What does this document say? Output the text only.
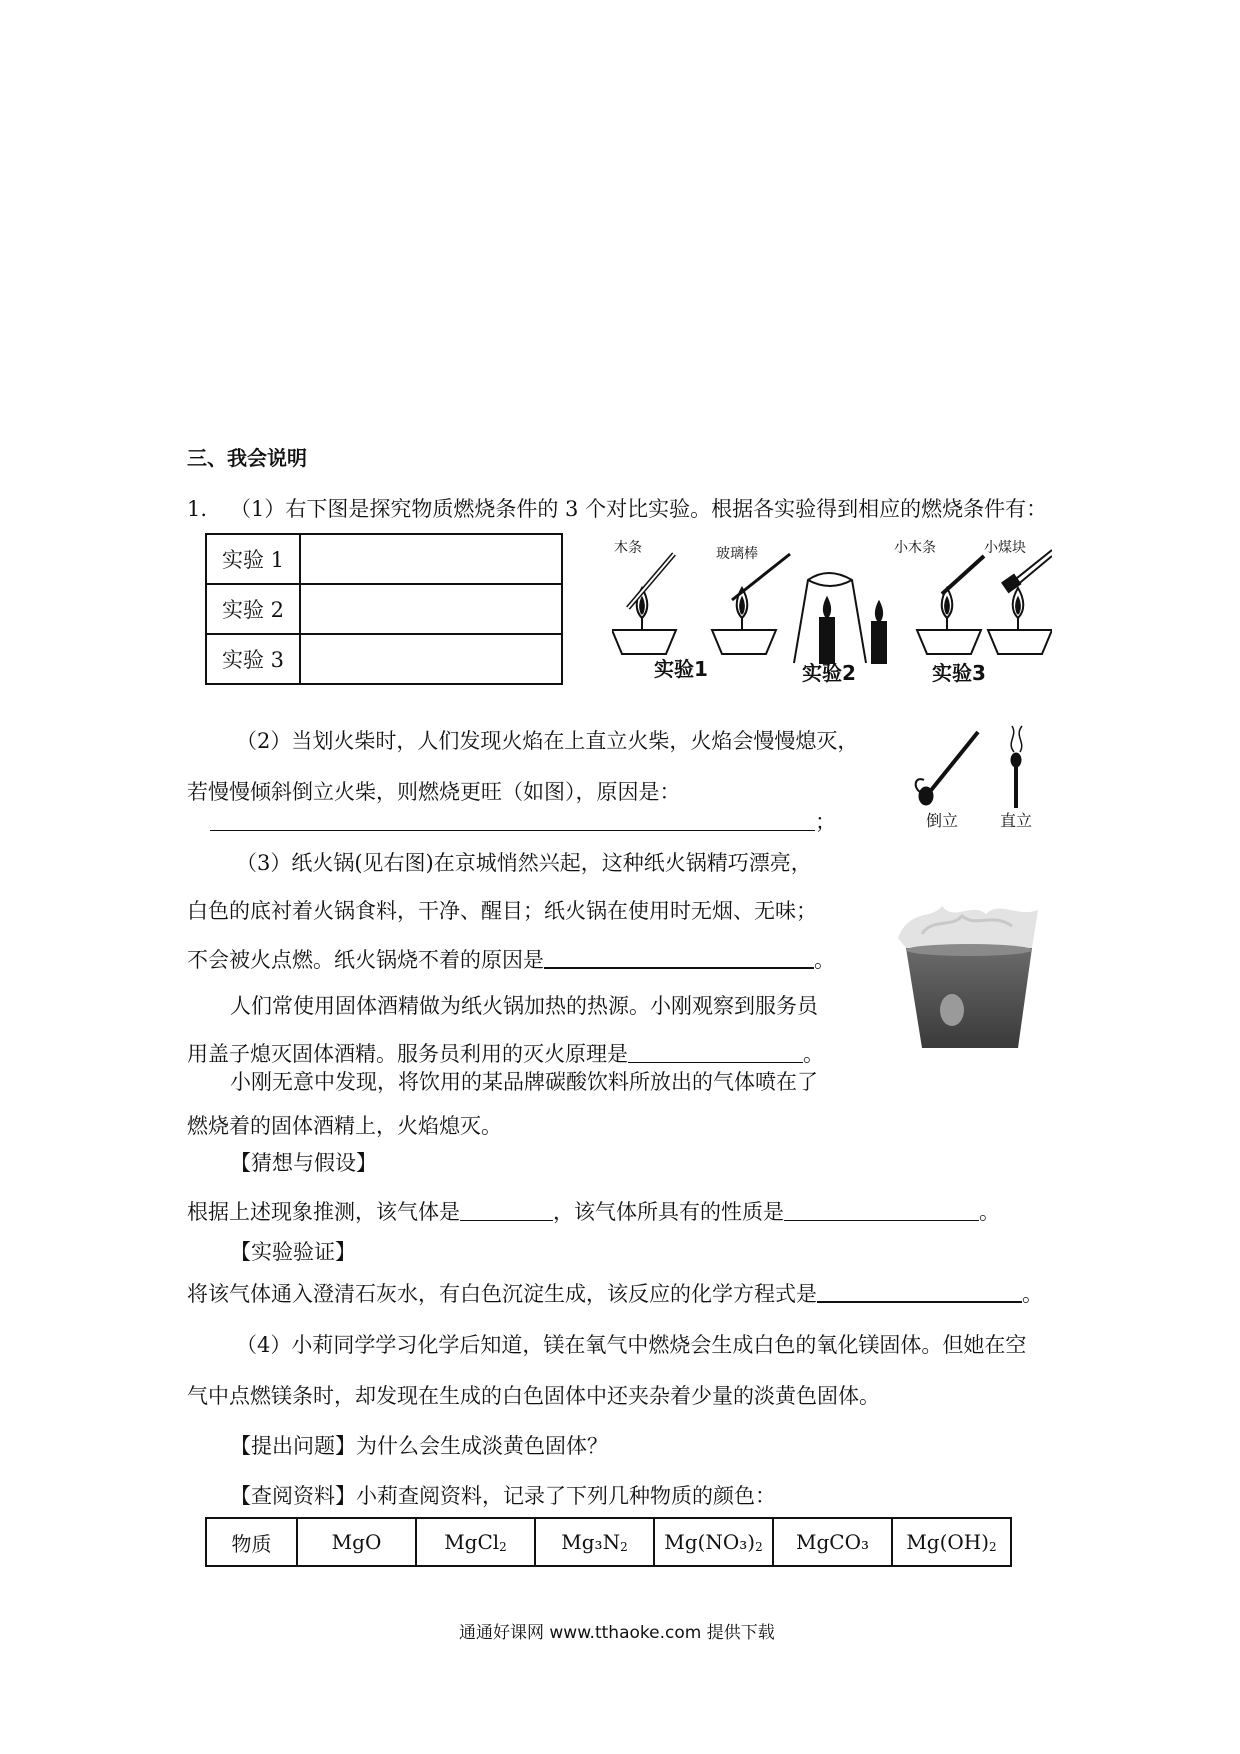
三、我会说明
1. （1）右下图是探究物质燃烧条件的 3 个对比实验。根据各实验得到相应的燃烧条件有：
实验 1	
实验 2	
实验 3	
木条	玻璃棒	小木条	小煤块
实验1	实验2	实验3
（2）当划火柴时，人们发现火焰在上直立火柴，火焰会慢慢熄灭，
若慢慢倾斜倒立火柴，则燃烧更旺（如图），原因是：
；	倒立	直立
（3）纸火锅(见右图)在京城悄然兴起，这种纸火锅精巧漂亮，
白色的底衬着火锅食料，干净、醒目；纸火锅在使用时无烟、无味；
不会被火点燃。纸火锅烧不着的原因是	。
人们常使用固体酒精做为纸火锅加热的热源。小刚观察到服务员
用盖子熄灭固体酒精。服务员利用的灭火原理是	。
小刚无意中发现，将饮用的某品牌碳酸饮料所放出的气体喷在了
燃烧着的固体酒精上，火焰熄灭。
【猜想与假设】
根据上述现象推测，该气体是	，该气体所具有的性质是	。
【实验验证】
将该气体通入澄清石灰水，有白色沉淀生成，该反应的化学方程式是	。
（4）小莉同学学习化学后知道，镁在氧气中燃烧会生成白色的氧化镁固体。但她在空
气中点燃镁条时，却发现在生成的白色固体中还夹杂着少量的淡黄色固体。
【提出问题】为什么会生成淡黄色固体？
【查阅资料】小莉查阅资料，记录了下列几种物质的颜色：
物质	MgO	MgCl$_2$	$Mg_3N_2$	$Mg(NO_3)_2$	MgCO₃	$Mg(OH)_2$
通通好课网 www.tthaoke.com 提供下载
